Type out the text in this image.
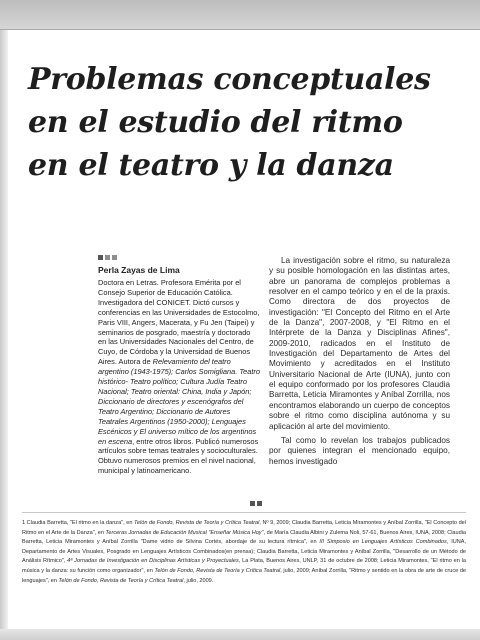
Problemas conceptuales
en el estudio del ritmo
en el teatro y la danza
Perla Zayas de Lima
Doctora en Letras. Profesora Emérita por el Consejo Superior de Educación Católica. Investigadora del CONICET. Dictó cursos y conferencias en las Universidades de Estocolmo, Paris VIII, Angers, Macerata, y Fu Jen (Taipei) y seminarios de posgrado, maestría y doctorado en las Universidades Nacionales del Centro, de Cuyo, de Córdoba y la Universidad de Buenos Aires. Autora de Relevamiento del teatro argentino (1943-1975); Carlos Somigliana. Teatro histórico- Teatro político; Cultura Judía Teatro Nacional; Teatro oriental: China, India y Japón; Diccionario de directores y escenógrafos del Teatro Argentino; Diccionario de Autores Teatrales Argentinos (1950-2000); Lenguajes Escénicos y El universo mítico de los argentinos en escena, entre otros libros. Publicó numerosos artículos sobre temas teatrales y socioculturales. Obtuvo numerosos premios en el nivel nacional, municipal y latinoamericano.

La investigación sobre el ritmo, su naturaleza y su posible homologación en las distintas artes, abre un panorama de complejos problemas a resolver en el campo teórico y en el de la praxis. Como directora de dos proyectos de investigación: "El Concepto del Ritmo en el Arte de la Danza", 2007-2008, y "El Ritmo en el Intérprete de la Danza y Disciplinas Afines", 2009-2010, radicados en el Instituto de Investigación del Departamento de Artes del Movimiento y acreditados en el Instituto Universitario Nacional de Arte (IUNA), junto con el equipo conformado por los profesores Claudia Barretta, Leticia Miramontes y Aníbal Zorrilla, nos encontramos elaborando un cuerpo de conceptos sobre el ritmo como disciplina autónoma y su aplicación al arte del movimiento.

Tal como lo revelan los trabajos publicados por quienes integran el mencionado equipo, hemos investigado

1 Claudia Barretta, "El ritmo en la danza", en Telón de Fondo, Revista de Teoría y Crítica Teatral, Nº 9, 2009; Claudia Barretta, Leticia Miramontes y Aníbal Zorrilla, "El Concepto del Ritmo en el Arte de la Danza", en Terceras Jornadas de Educación Musical "Enseñar Música Hoy", de María Claudia Albini y Zulema Noli, 57-61, Buenos Aires, IUNA, 2008; Claudia Barretta, Leticia Miramontes y Aníbal Zorrilla "Dame vidrio de Silvina Cortés, abordaje de su lectura rítmica", en III Simposio en Lenguajes Artísticos Combinados, IUNA, Departamento de Artes Visuales, Posgrado en Lenguajes Artísticos Combinados(en prensa); Claudia Barretta, Leticia Miramontes y Aníbal Zorrilla, "Desarrollo de un Método de Análisis Rítmico", 4ª Jornadas de Investigación en Disciplinas Artísticas y Proyectuales, La Plata, Buenos Aires, UNLP, 31 de octubre de 2008; Leticia Miramontes, "El ritmo en la música y la danza: su función como organizador", en Telón de Fondo, Revista de Teoría y Crítica Teatral, julio, 2009; Aníbal Zorrilla, "Ritmo y sentido en la obra de arte de cruce de lenguajes", en Telón de Fondo, Revista de Teoría y Crítica Teatral, julio, 2009.
